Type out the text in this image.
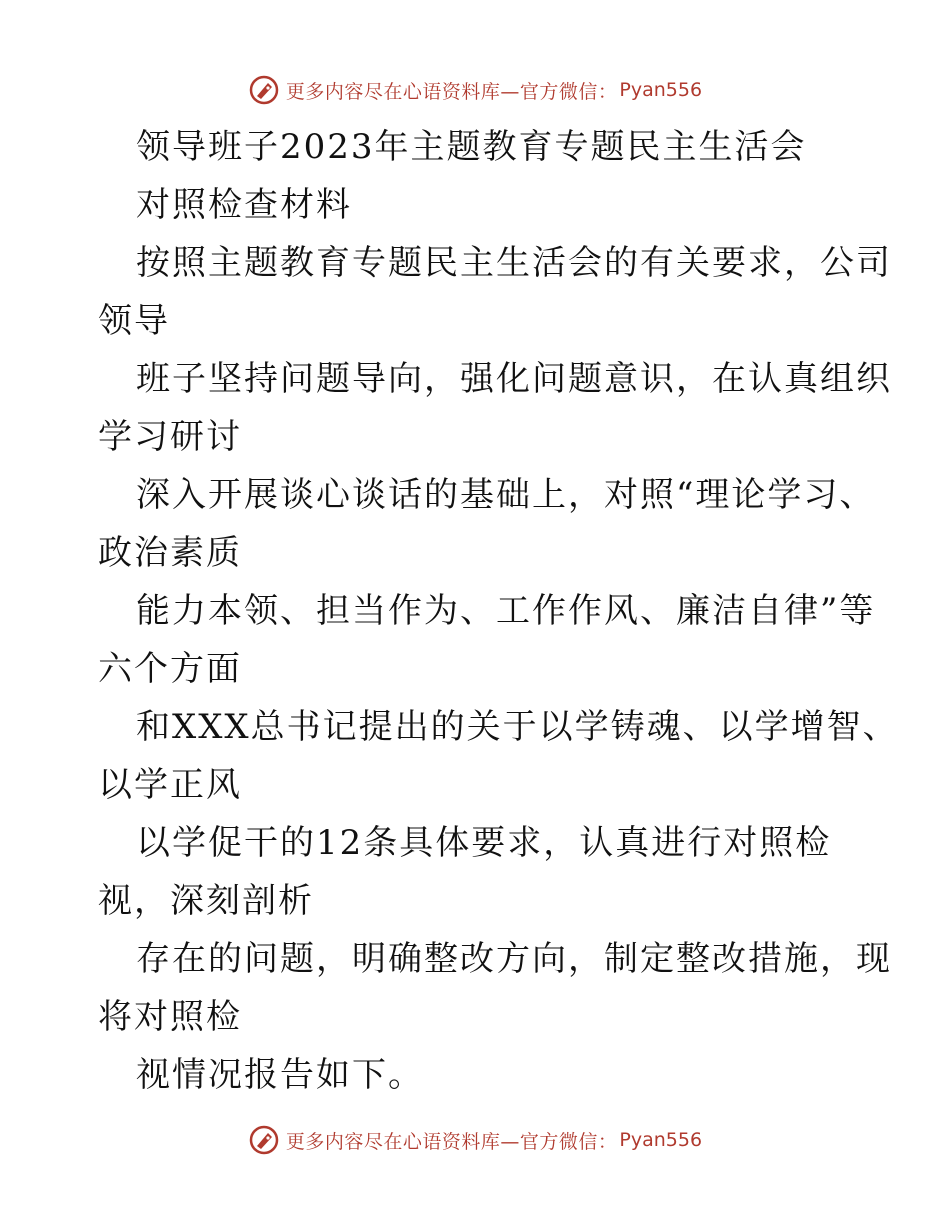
更多内容尽在心语资料库—官方微信： Pyan556
领导班子2023年主题教育专题民主生活会
对照检查材料
按照主题教育专题民主生活会的有关要求，公司
领导
班子坚持问题导向，强化问题意识，在认真组织
学习研讨
深入开展谈心谈话的基础上，对照“理论学习、
政治素质
能力本领、担当作为、工作作风、廉洁自律”等
六个方面
和XXX总书记提出的关于以学铸魂、以学增智、
以学正风
以学促干的12条具体要求，认真进行对照检
视，深刻剖析
存在的问题，明确整改方向，制定整改措施，现
将对照检
视情况报告如下。
更多内容尽在心语资料库—官方微信： Pyan556
